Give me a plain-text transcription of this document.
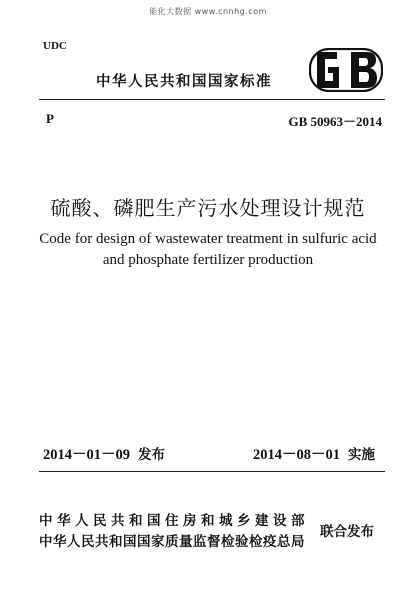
能化大数据 www.cnnhg.com
UDC
中华人民共和国国家标准
P	GB 50963－2014
硫酸、磷肥生产污水处理设计规范
Code for design of wastewater treatment in sulfuric acid
and phosphate fertilizer production
2014－01－09 发布	2014－08－01 实施
中华人民共和国住房和城乡建设部
中华人民共和国国家质量监督检验检疫总局
联合发布
